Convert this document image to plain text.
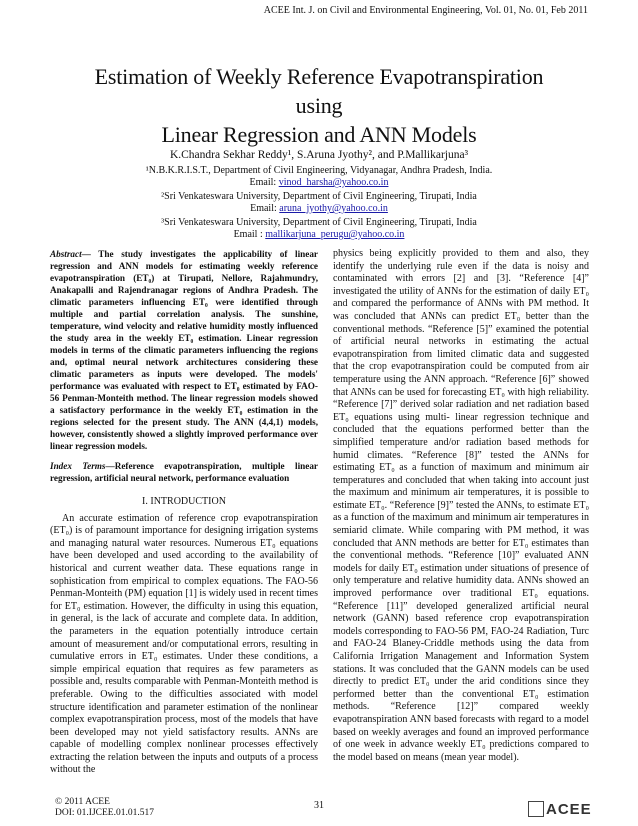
ACEE Int. J. on Civil and Environmental Engineering, Vol. 01, No. 01, Feb 2011
Estimation of Weekly Reference Evapotranspiration
using
Linear Regression and ANN Models
K.Chandra Sekhar Reddy¹, S.Aruna Jyothy², and P.Mallikarjuna³
¹N.B.K.R.I.S.T., Department of Civil Engineering, Vidyanagar, Andhra Pradesh, India.
Email: vinod_harsha@yahoo.co.in
²Sri Venkateswara University, Department of Civil Engineering, Tirupati, India
Email: aruna_jyothy@yahoo.co.in
³Sri Venkateswara University, Department of Civil Engineering, Tirupati, India
Email : mallikarjuna_perugu@yahoo.co.in
Abstract— The study investigates the applicability of linear regression and ANN models for estimating weekly reference evapotranspiration (ET₀) at Tirupati, Nellore, Rajahmundry, Anakapalli and Rajendranagar regions of Andhra Pradesh. The climatic parameters influencing ET₀ were identified through multiple and partial correlation analysis. The sunshine, temperature, wind velocity and relative humidity mostly influenced the study area in the weekly ET₀ estimation. Linear regression models in terms of the climatic parameters influencing the regions and, optimal neural network architectures considering these climatic parameters as inputs were developed. The models' performance was evaluated with respect to ET₀ estimated by FAO-56 Penman-Monteith method. The linear regression models showed a satisfactory performance in the weekly ET₀ estimation in the regions selected for the present study. The ANN (4,4,1) models, however, consistently showed a slightly improved performance over linear regression models.
Index Terms—Reference evapotranspiration, multiple linear regression, artificial neural network, performance evaluation
I. INTRODUCTION

An accurate estimation of reference crop evapotranspiration (ET₀) is of paramount importance for designing irrigation systems and managing natural water resources. Numerous ET₀ equations have been developed and used according to the availability of historical and current weather data. These equations range in sophistication from empirical to complex equations. The FAO-56 Penman-Monteith (PM) equation [1] is widely used in recent times for ET₀ estimation. However, the difficulty in using this equation, in general, is the lack of accurate and complete data. In addition, the parameters in the equation potentially introduce certain amount of measurement and/or computational errors, resulting in cumulative errors in ET₀ estimates. Under these conditions, a simple empirical equation that requires as few parameters as possible and, results comparable with Penman-Monteith method is preferable. Owing to the difficulties associated with model structure identification and parameter estimation of the nonlinear complex evapotranspiration process, most of the models that have been developed may not yield satisfactory results. ANNs are capable of modelling complex nonlinear processes effectively extracting the relation between the inputs and outputs of a process without the

physics being explicitly provided to them and also, they identify the underlying rule even if the data is noisy and contaminated with errors [2] and [3]. “Reference [4]” investigated the utility of ANNs for the estimation of daily ET₀ and compared the performance of ANNs with PM method. It was concluded that ANNs can predict ET₀ better than the conventional methods. “Reference [5]” examined the potential of artificial neural networks in estimating the actual evapotranspiration from limited climatic data and suggested that the crop evapotranspiration could be computed from air temperature using the ANN approach. “Reference [6]” showed that ANNs can be used for forecasting ET₀ with high reliability. “Reference [7]” derived solar radiation and net radiation based ET₀ equations using multi- linear regression technique and concluded that the equations performed better than the simplified temperature and/or radiation based methods for humid climates. “Reference [8]” tested the ANNs for estimating ET₀ as a function of maximum and minimum air temperatures and concluded that when taking into account just the maximum and minimum air temperatures, it is possible to estimate ET₀. “Reference [9]” tested the ANNs, to estimate ET₀ as a function of the maximum and minimum air temperatures in semiarid climate. While comparing with PM method, it was concluded that ANN methods are better for ET₀ estimates than the conventional methods. “Reference [10]” evaluated ANN models for daily ET₀ estimation under situations of presence of only temperature and relative humidity data. ANNs showed an improved performance over traditional ET₀ equations. “Reference [11]” developed generalized artificial neural network (GANN) based reference crop evapotranspiration models corresponding to FAO-56 PM, FAO-24 Radiation, Turc and FAO-24 Blaney-Criddle methods using the data from California Irrigation Management and Information System stations. It was concluded that the GANN models can be used directly to predict ET₀ under the arid conditions since they performed better than the conventional ET₀ estimation methods. “Reference [12]” compared weekly evapotranspiration ANN based forecasts with regard to a model based on weekly averages and found an improved performance of one week in advance weekly ET₀ predictions compared to the model based on means (mean year model).

© 2011 ACEE
DOI: 01.IJCEE.01.01.517
31	ACEE
